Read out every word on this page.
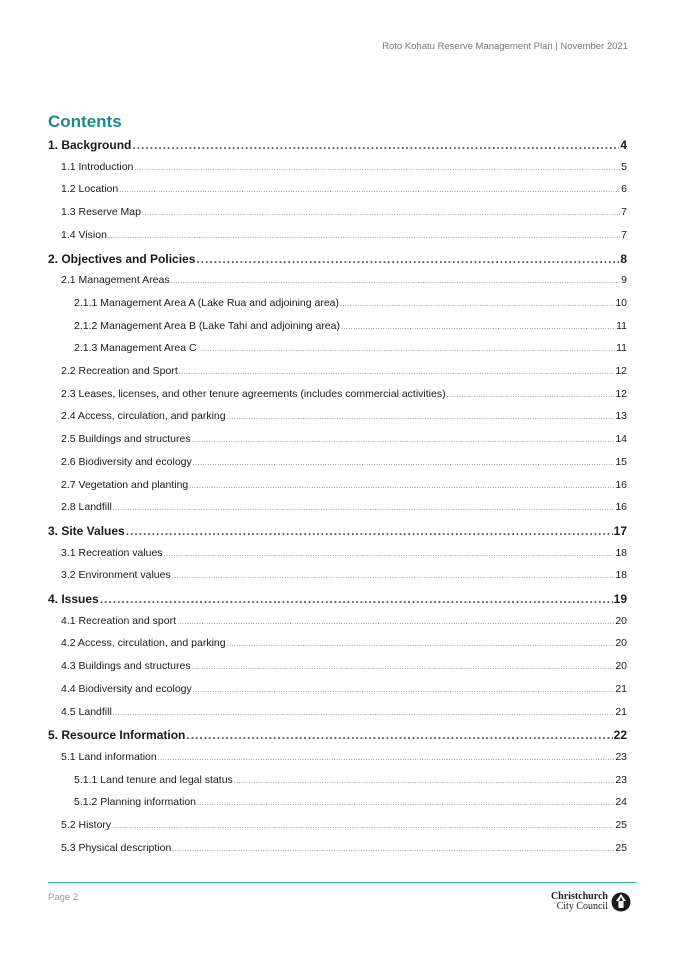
Roto Kohatu Reserve Management Plan | November 2021
Contents
1. Background .....	4
1.1 Introduction .....	5
1.2 Location .....	6
1.3 Reserve Map .....	7
1.4 Vision .....	7
2. Objectives and Policies .....	8
2.1 Management Areas .....	9
2.1.1 Management Area A (Lake Rua and adjoining area) .....	10
2.1.2 Management Area B (Lake Tahi and adjoining area) .....	11
2.1.3 Management Area C .....	11
2.2 Recreation and Sport .....	12
2.3 Leases, licenses, and other tenure agreements (includes commercial activities) .....	12
2.4 Access, circulation, and parking .....	13
2.5 Buildings and structures .....	14
2.6 Biodiversity and ecology .....	15
2.7 Vegetation and planting .....	16
2.8 Landfill .....	16
3. Site Values .....	17
3.1 Recreation values .....	18
3.2 Environment values .....	18
4. Issues .....	19
4.1 Recreation and sport .....	20
4.2 Access, circulation, and parking .....	20
4.3 Buildings and structures .....	20
4.4 Biodiversity and ecology .....	21
4.5 Landfill .....	21
5. Resource Information .....	22
5.1 Land information .....	23
5.1.1 Land tenure and legal status .....	23
5.1.2 Planning information .....	24
5.2 History .....	25
5.3 Physical description .....	25
Page 2	Christchurch
City Council
